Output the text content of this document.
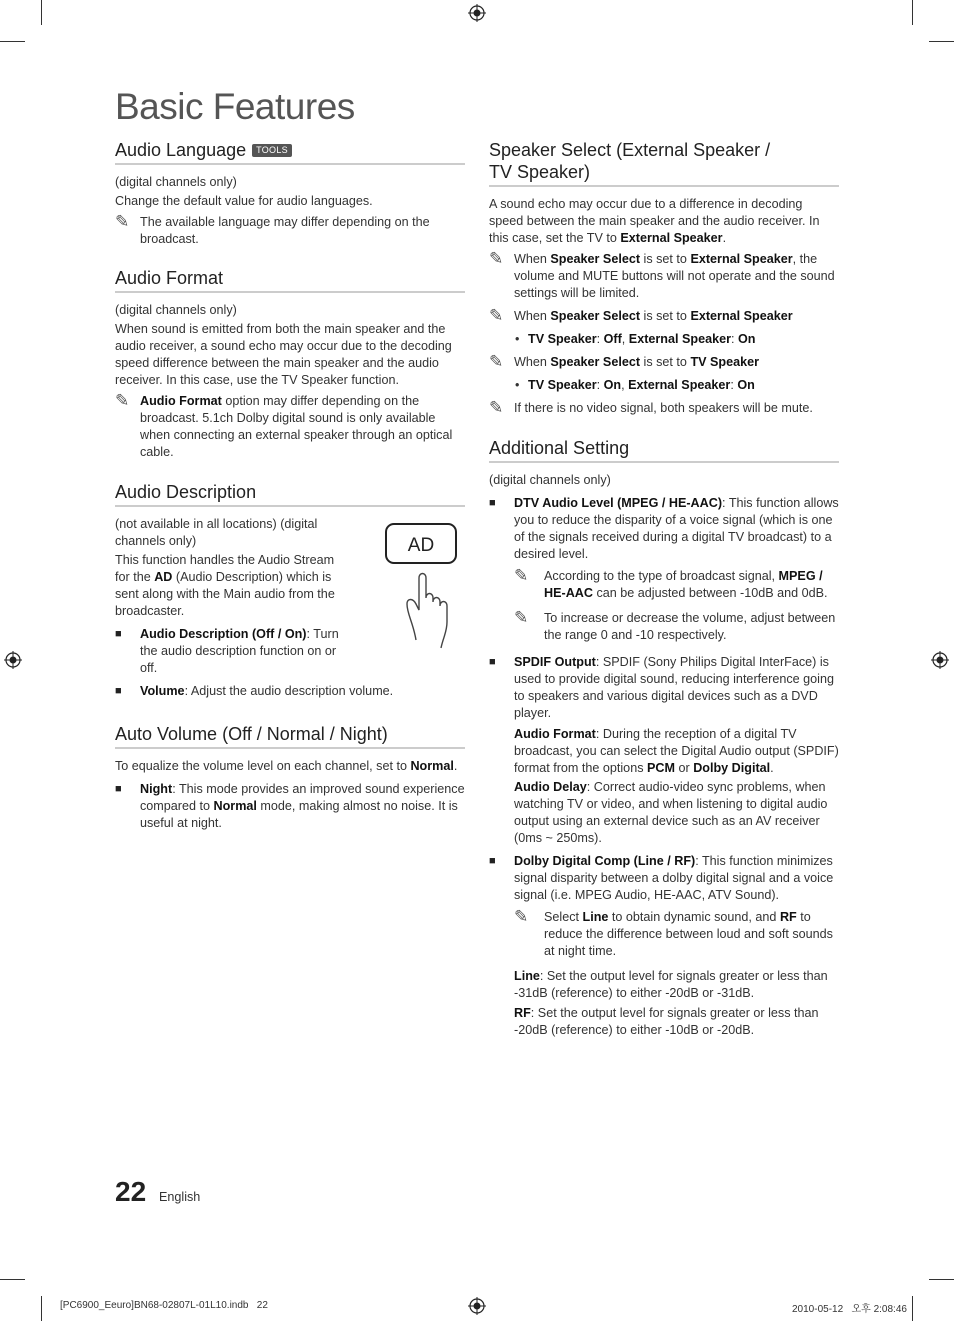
Basic Features
Audio Language TOOLS

(digital channels only)

Change the default value for audio languages.

✎ The available language may differ depending on the broadcast.
Audio Format

(digital channels only)

When sound is emitted from both the main speaker and the audio receiver, a sound echo may occur due to the decoding speed difference between the main speaker and the audio receiver. In this case, use the TV Speaker function.

✎ Audio Format option may differ depending on the broadcast. 5.1ch Dolby digital sound is only available when connecting an external speaker through an optical cable.
Audio Description

(not available in all locations) (digital channels only)

This function handles the Audio Stream for the AD (Audio Description) which is sent along with the Main audio from the broadcaster.

■ Audio Description (Off / On): Turn the audio description function on or off.
AD
■ Volume: Adjust the audio description volume.
Auto Volume (Off / Normal / Night)

To equalize the volume level on each channel, set to Normal.

■ Night: This mode provides an improved sound experience compared to Normal mode, making almost no noise. It is useful at night.
Speaker Select (External Speaker /
TV Speaker)

A sound echo may occur due to a difference in decoding speed between the main speaker and the audio receiver. In this case, set the TV to External Speaker.

✎ When Speaker Select is set to External Speaker, the volume and MUTE buttons will not operate and the sound settings will be limited.
✎ When Speaker Select is set to External Speaker
• TV Speaker: Off, External Speaker: On
✎ When Speaker Select is set to TV Speaker
• TV Speaker: On, External Speaker: On
✎ If there is no video signal, both speakers will be mute.
Additional Setting

(digital channels only)

■ DTV Audio Level (MPEG / HE-AAC): This function allows you to reduce the disparity of a voice signal (which is one of the signals received during a digital TV broadcast) to a desired level.
✎ According to the type of broadcast signal, MPEG / HE-AAC can be adjusted between -10dB and 0dB.
✎ To increase or decrease the volume, adjust between the range 0 and -10 respectively.
■ SPDIF Output: SPDIF (Sony Philips Digital InterFace) is used to provide digital sound, reducing interference going to speakers and various digital devices such as a DVD player.

Audio Format: During the reception of a digital TV broadcast, you can select the Digital Audio output (SPDIF) format from the options PCM or Dolby Digital.

Audio Delay: Correct audio-video sync problems, when watching TV or video, and when listening to digital audio output using an external device such as an AV receiver (0ms ~ 250ms).

■ Dolby Digital Comp (Line / RF): This function minimizes signal disparity between a dolby digital signal and a voice signal (i.e. MPEG Audio, HE-AAC, ATV Sound).
✎ Select Line to obtain dynamic sound, and RF to reduce the difference between loud and soft sounds at night time.

Line: Set the output level for signals greater or less than -31dB (reference) to either -20dB or -31dB.

RF: Set the output level for signals greater or less than -20dB (reference) to either -10dB or -20dB.

22 English
[PC6900_Eeuro]BN68-02807L-01L10.indb   22	2010-05-12   오후 2:08:46
